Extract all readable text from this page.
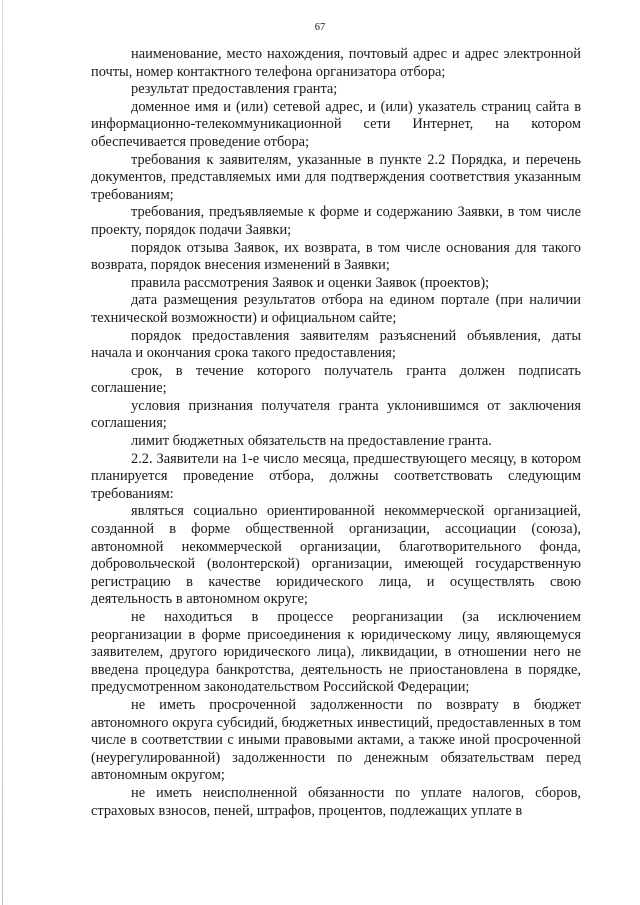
67

наименование, место нахождения, почтовый адрес и адрес электронной почты, номер контактного телефона организатора отбора;

результат предоставления гранта;

доменное имя и (или) сетевой адрес, и (или) указатель страниц сайта в информационно-телекоммуникационной сети Интернет, на котором обеспечивается проведение отбора;

требования к заявителям, указанные в пункте 2.2 Порядка, и перечень документов, представляемых ими для подтверждения соответствия указанным требованиям;

требования, предъявляемые к форме и содержанию Заявки, в том числе проекту, порядок подачи Заявки;

порядок отзыва Заявок, их возврата, в том числе основания для такого возврата, порядок внесения изменений в Заявки;

правила рассмотрения Заявок и оценки Заявок (проектов);

дата размещения результатов отбора на едином портале (при наличии технической возможности) и официальном сайте;

порядок предоставления заявителям разъяснений объявления, даты начала и окончания срока такого предоставления;

срок, в течение которого получатель гранта должен подписать соглашение;

условия признания получателя гранта уклонившимся от заключения соглашения;

лимит бюджетных обязательств на предоставление гранта.

2.2. Заявители на 1-е число месяца, предшествующего месяцу, в котором планируется проведение отбора, должны соответствовать следующим требованиям:

являться социально ориентированной некоммерческой организацией, созданной в форме общественной организации, ассоциации (союза), автономной некоммерческой организации, благотворительного фонда, добровольческой (волонтерской) организации, имеющей государственную регистрацию в качестве юридического лица, и осуществлять свою деятельность в автономном округе;

не находиться в процессе реорганизации (за исключением реорганизации в форме присоединения к юридическому лицу, являющемуся заявителем, другого юридического лица), ликвидации, в отношении него не введена процедура банкротства, деятельность не приостановлена в порядке, предусмотренном законодательством Российской Федерации;

не иметь просроченной задолженности по возврату в бюджет автономного округа субсидий, бюджетных инвестиций, предоставленных в том числе в соответствии с иными правовыми актами, а также иной просроченной (неурегулированной) задолженности по денежным обязательствам перед автономным округом;

не иметь неисполненной обязанности по уплате налогов, сборов, страховых взносов, пеней, штрафов, процентов, подлежащих уплате в
